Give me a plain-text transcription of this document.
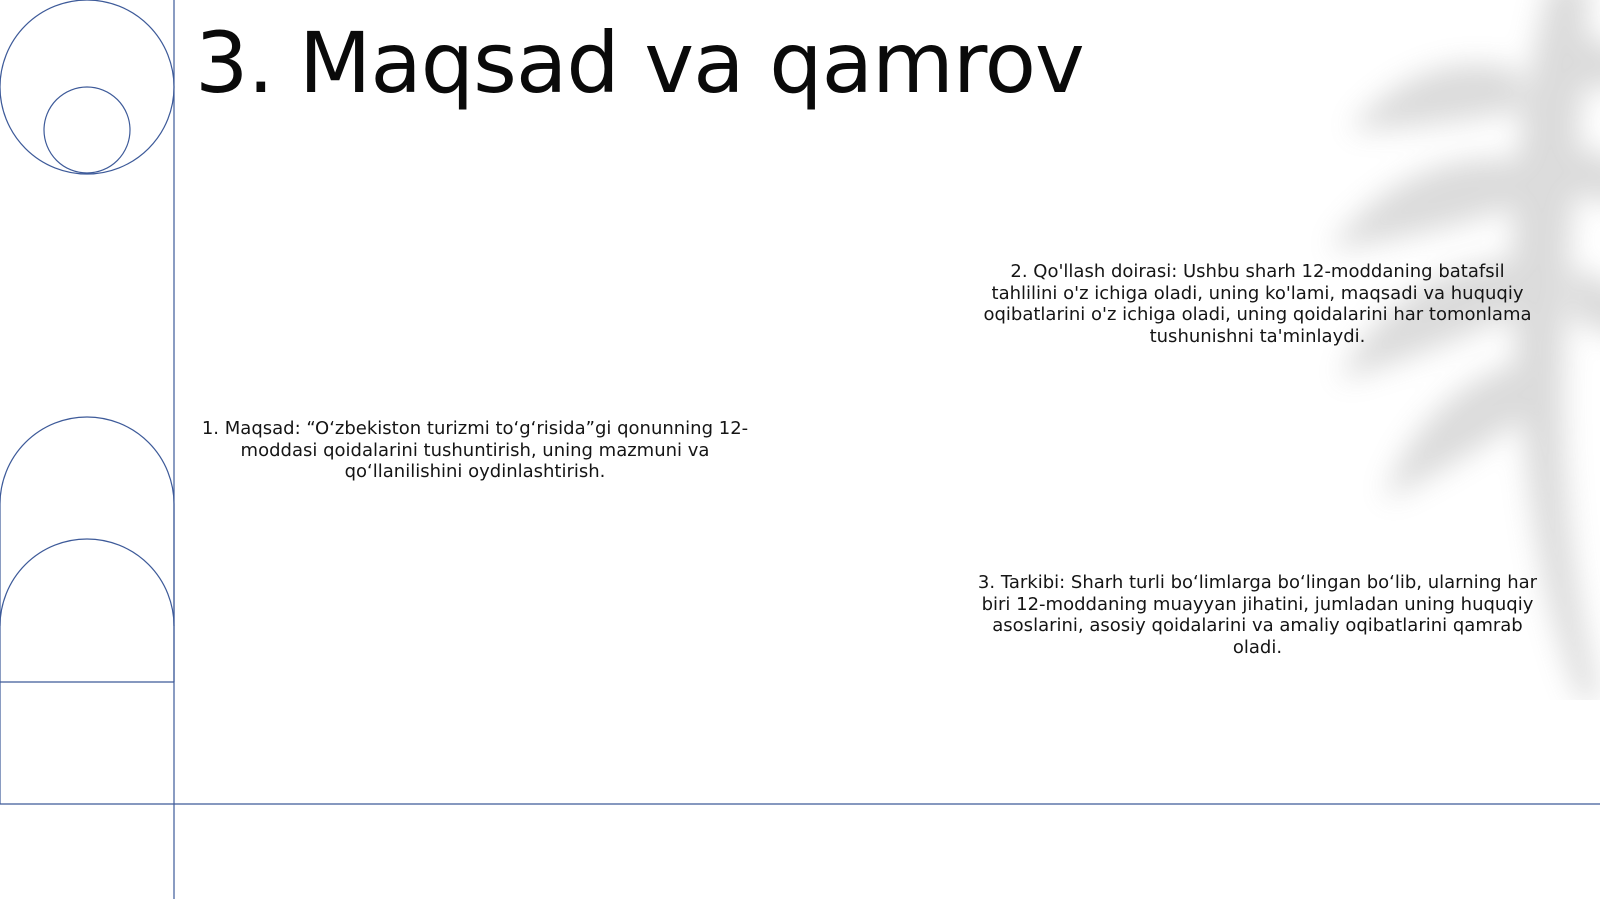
3. Maqsad va qamrov

1. Maqsad: “O‘zbekiston turizmi to‘g‘risida”gi qonunning 12-moddasi qoidalarini tushuntirish, uning mazmuni va qo‘llanilishini oydinlashtirish.

2. Qo'llash doirasi: Ushbu sharh 12-moddaning batafsil tahlilini o'z ichiga oladi, uning ko'lami, maqsadi va huquqiy oqibatlarini o'z ichiga oladi, uning qoidalarini har tomonlama tushunishni ta'minlaydi.

3. Tarkibi: Sharh turli bo‘limlarga bo‘lingan bo‘lib, ularning har biri 12-moddaning muayyan jihatini, jumladan uning huquqiy asoslarini, asosiy qoidalarini va amaliy oqibatlarini qamrab oladi.
